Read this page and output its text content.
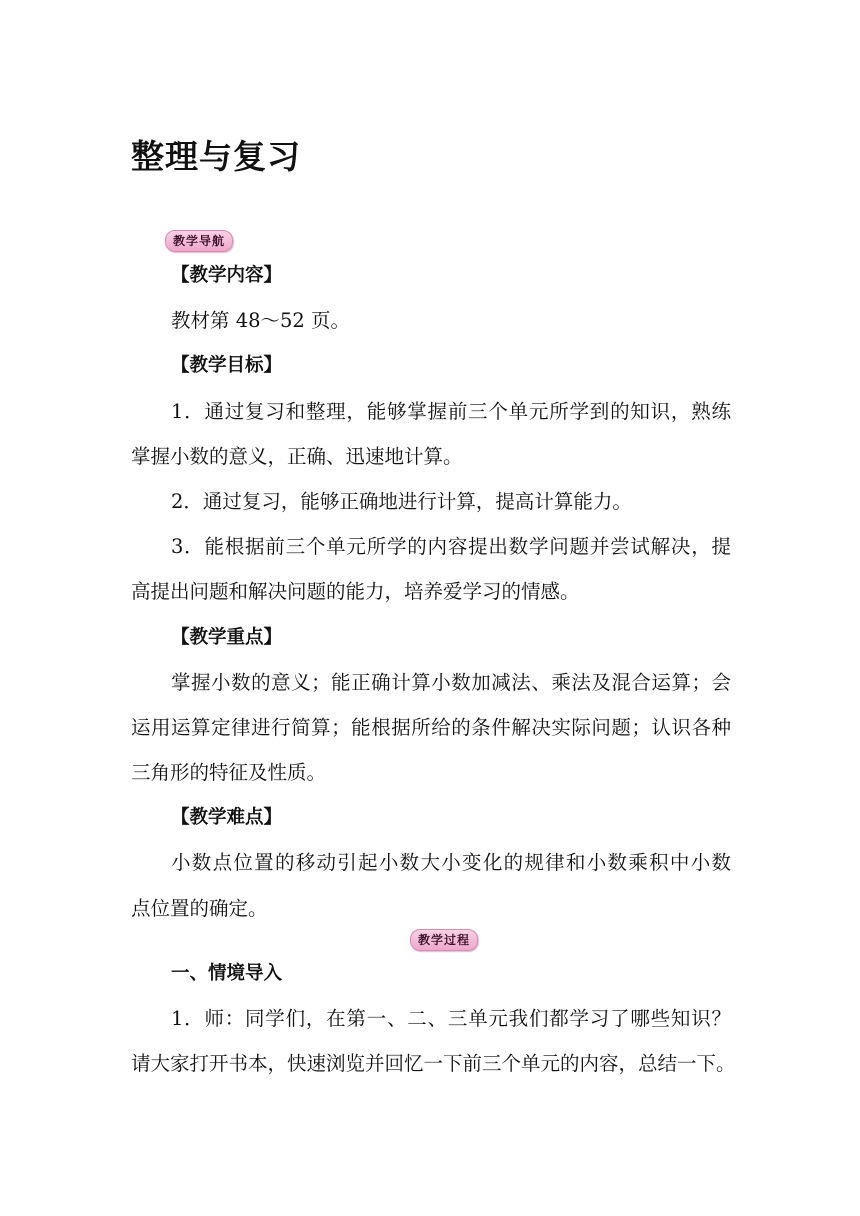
整理与复习
教学导航
【教学内容】
教材第 48～52 页。
【教学目标】
1．通过复习和整理，能够掌握前三个单元所学到的知识，熟练
掌握小数的意义，正确、迅速地计算。
2．通过复习，能够正确地进行计算，提高计算能力。
3．能根据前三个单元所学的内容提出数学问题并尝试解决，提
高提出问题和解决问题的能力，培养爱学习的情感。
【教学重点】
掌握小数的意义；能正确计算小数加减法、乘法及混合运算；会
运用运算定律进行简算；能根据所给的条件解决实际问题；认识各种
三角形的特征及性质。
【教学难点】
小数点位置的移动引起小数大小变化的规律和小数乘积中小数
点位置的确定。
一、情境导入
1．师：同学们，在第一、二、三单元我们都学习了哪些知识？
请大家打开书本，快速浏览并回忆一下前三个单元的内容，总结一下。
教学过程
